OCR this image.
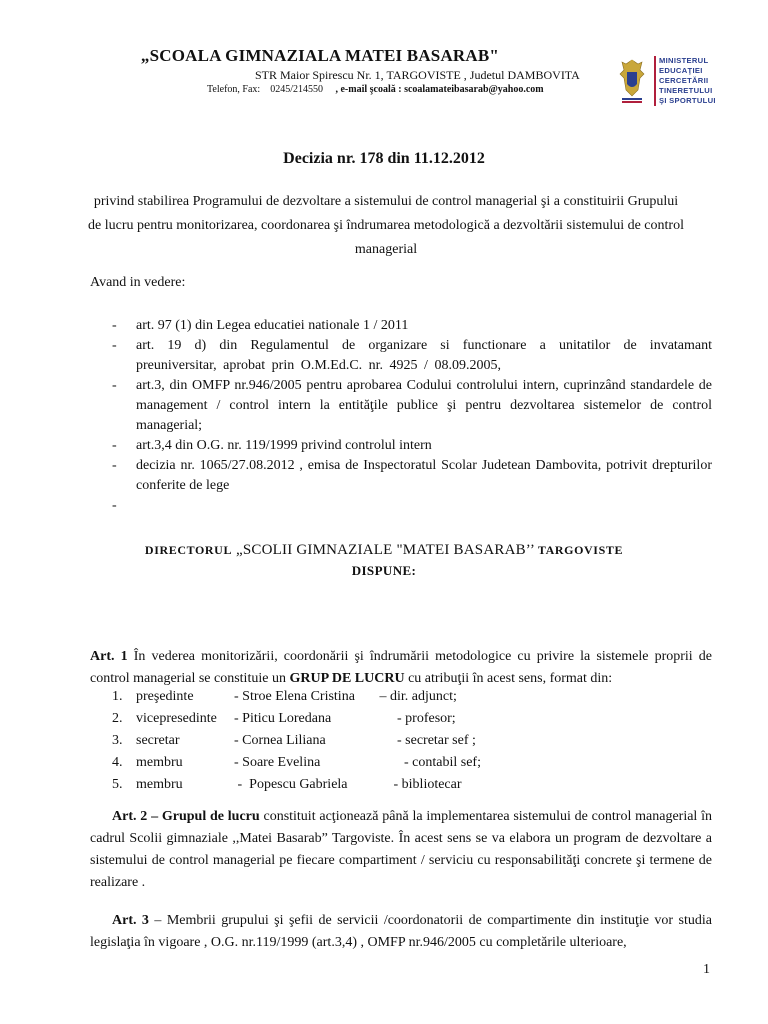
„SCOALA GIMNAZIALA MATEI BASARAB"
STR Maior Spirescu Nr. 1, TARGOVISTE , Judetul DAMBOVITA
Telefon, Fax: 0245/214550 , e-mail şcoală : scoalamateibasarab@yahoo.com
MINISTERUL
EDUCAŢIEI
CERCETĂRII
TINERETULUI
ŞI SPORTULUI
Decizia nr. 178 din 11.12.2012
privind stabilirea Programului de dezvoltare a sistemului de control managerial şi a constituirii Grupului de lucru pentru monitorizarea, coordonarea şi îndrumarea metodologică a dezvoltării sistemului de control managerial
Avand in vedere:
-	art. 97 (1) din Legea educatiei nationale 1 / 2011
-	art. 19 d) din Regulamentul de organizare si functionare a unitatilor de invatamant preuniversitar, aprobat prin O.M.Ed.C. nr. 4925 / 08.09.2005,
-	art.3, din OMFP nr.946/2005 pentru aprobarea Codului controlului intern, cuprinzând standardele de management / control intern la entităţile publice şi pentru dezvoltarea sistemelor de control managerial;
-	art.3,4 din O.G. nr. 119/1999 privind controlul intern
-	decizia nr. 1065/27.08.2012 , emisa de Inspectoratul Scolar Judetean Dambovita, potrivit drepturilor conferite de lege
-
DIRECTORUL „SCOLII GIMNAZIALE "MATEI BASARAB’’ TARGOVISTE
DISPUNE:
Art. 1 În vederea monitorizării, coordonării şi îndrumării metodologice cu privire la sistemele proprii de control managerial se constituie un GRUP DE LUCRU cu atribuţii în acest sens, format din:
1. preşedinte	- Stroe Elena Cristina	– dir. adjunct;
2. vicepresedinte	- Piticu Loredana	- profesor;
3. secretar	- Cornea Liliana	- secretar sef ;
4. membru	- Soare Evelina	- contabil sef;
5. membru	-  Popescu Gabriela	- bibliotecar
Art. 2 – Grupul de lucru constituit acţionează până la implementarea sistemului de control managerial în cadrul Scolii gimnaziale ,,Matei Basarab” Targoviste. În acest sens se va elabora un program de dezvoltare a sistemului de control managerial pe fiecare compartiment / serviciu cu responsabilităţi concrete şi termene de realizare .
Art. 3 – Membrii grupului şi şefii de servicii /coordonatorii de compartimente din instituţie vor studia legislaţia în vigoare , O.G. nr.119/1999 (art.3,4) , OMFP nr.946/2005 cu completările ulterioare,
1
